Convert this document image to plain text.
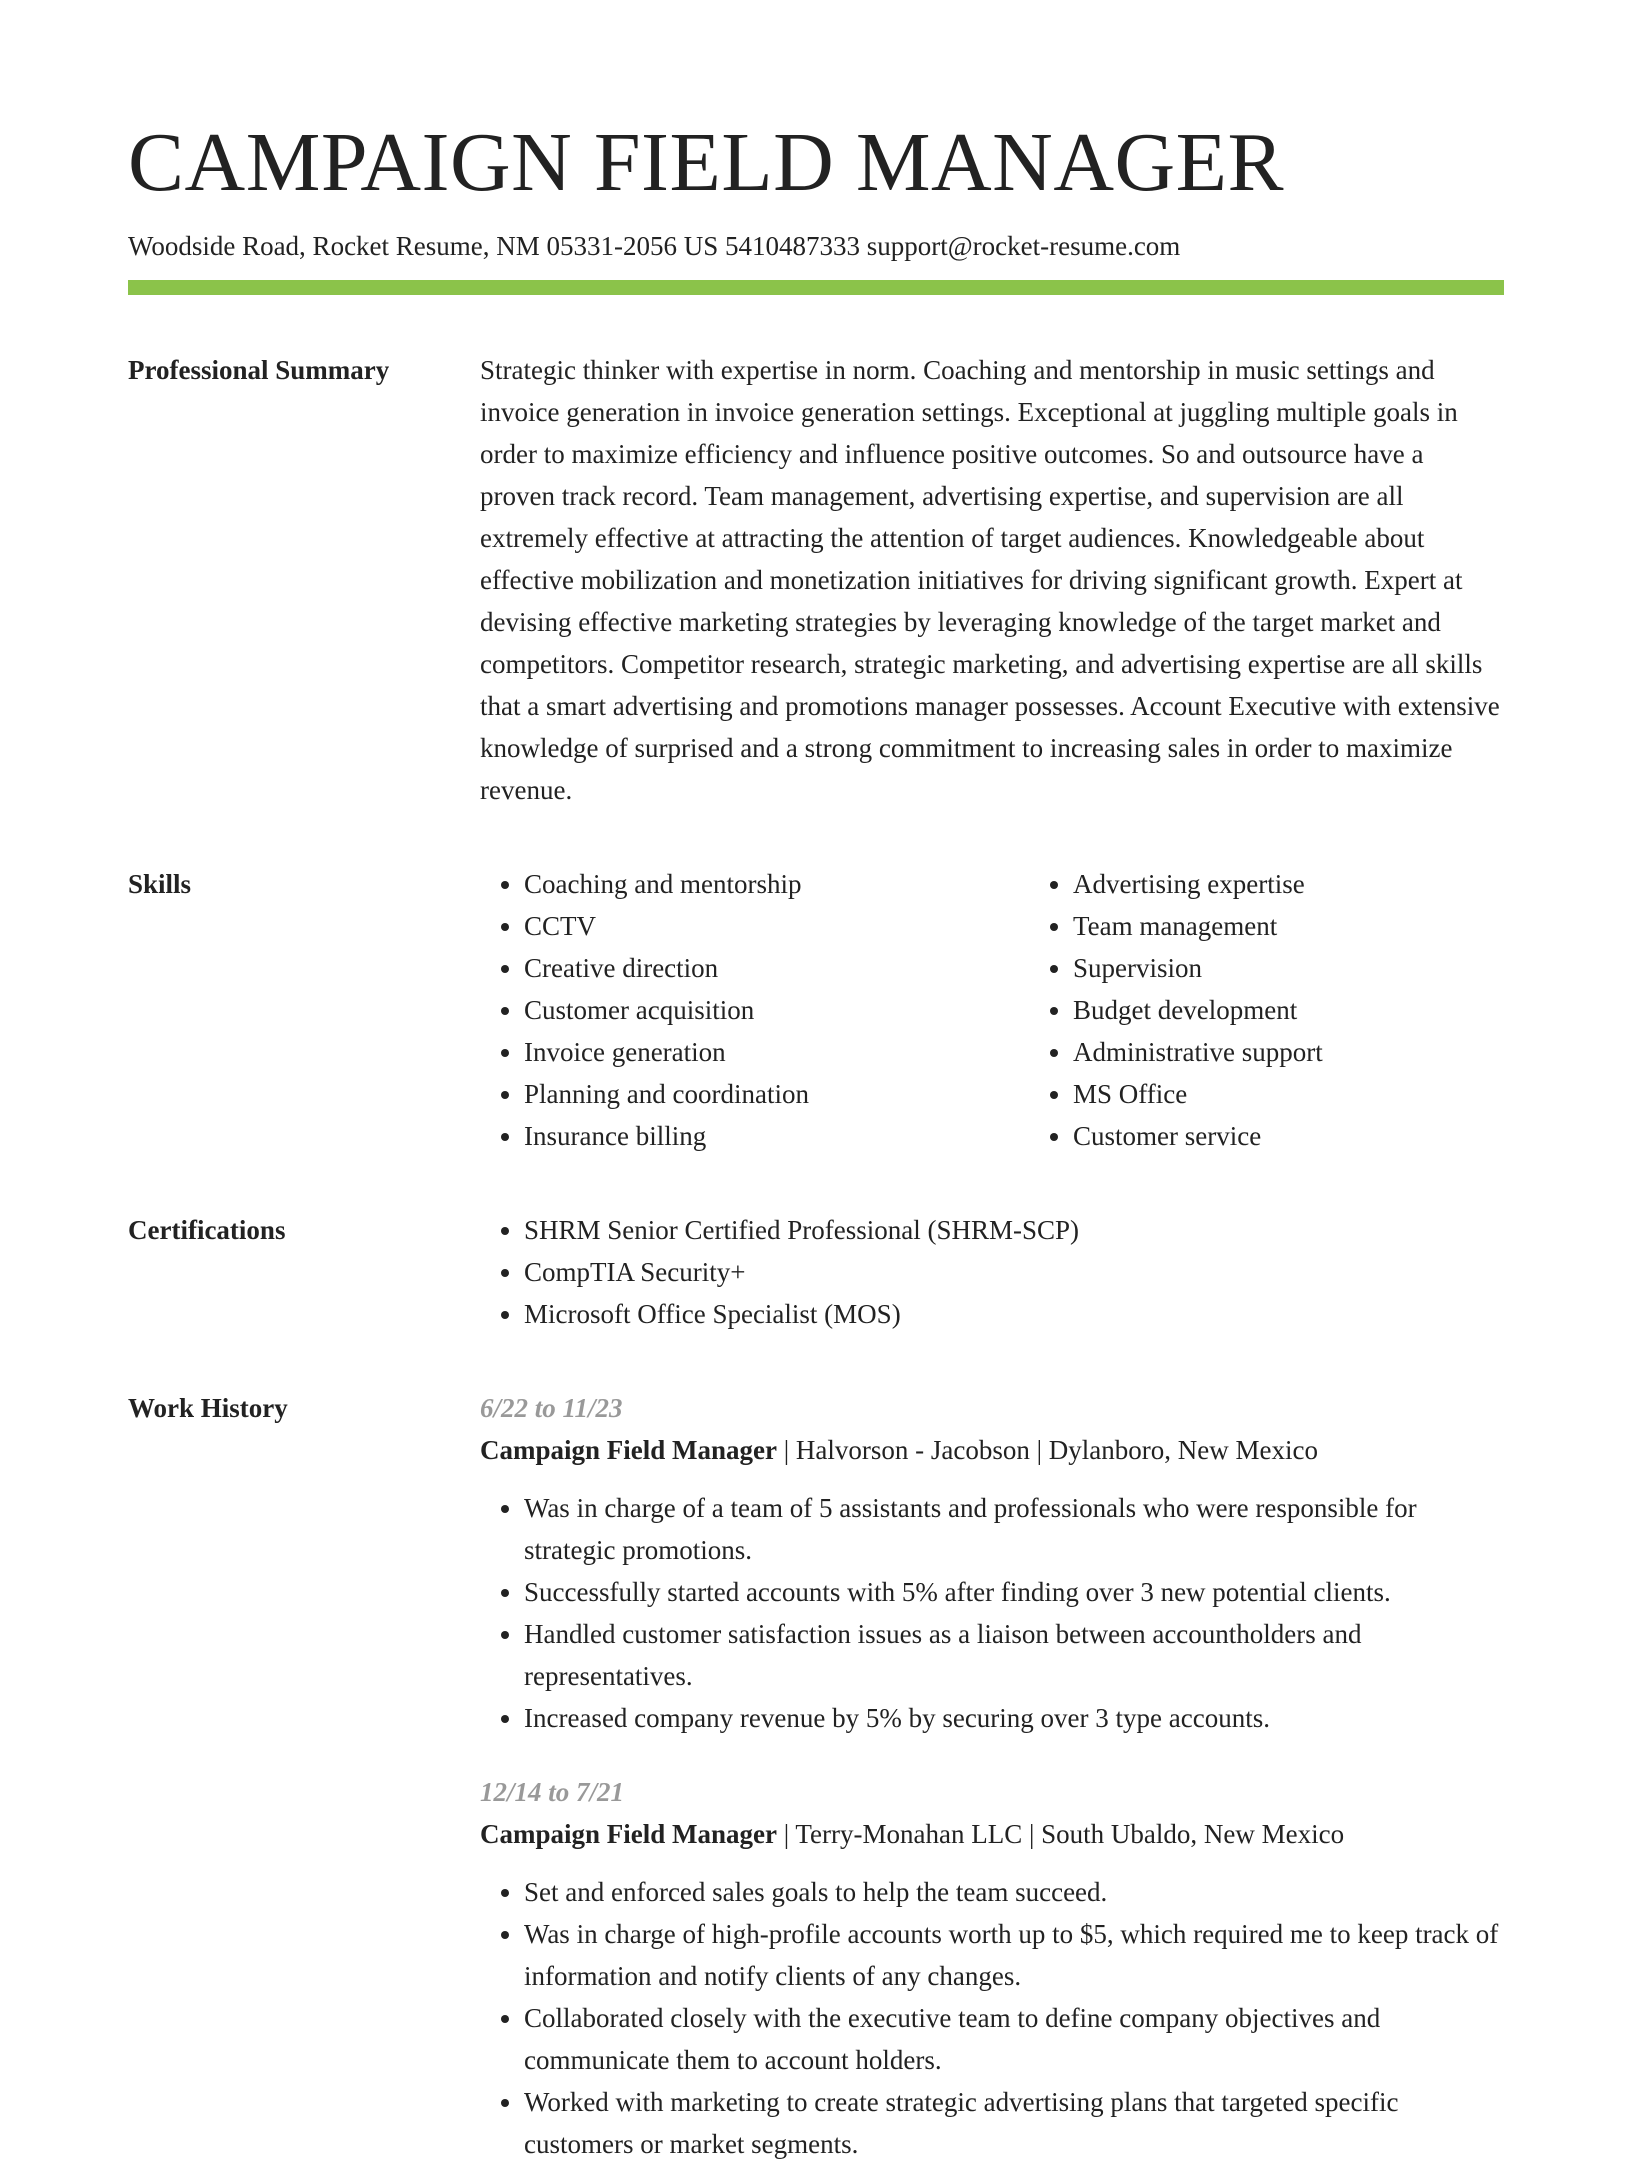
CAMPAIGN FIELD MANAGER
Woodside Road, Rocket Resume, NM 05331-2056 US 5410487333 support@rocket-resume.com
Professional Summary	Strategic thinker with expertise in norm. Coaching and mentorship in music settings and invoice generation in invoice generation settings. Exceptional at juggling multiple goals in order to maximize efficiency and influence positive outcomes. So and outsource have a proven track record. Team management, advertising expertise, and supervision are all extremely effective at attracting the attention of target audiences. Knowledgeable about effective mobilization and monetization initiatives for driving significant growth. Expert at devising effective marketing strategies by leveraging knowledge of the target market and competitors. Competitor research, strategic marketing, and advertising expertise are all skills that a smart advertising and promotions manager possesses. Account Executive with extensive knowledge of surprised and a strong commitment to increasing sales in order to maximize revenue.

Skills	• Coaching and mentorship
• CCTV
• Creative direction
• Customer acquisition
• Invoice generation
• Planning and coordination
• Insurance billing
• Advertising expertise
• Team management
• Supervision
• Budget development
• Administrative support
• MS Office
• Customer service
Certifications	• SHRM Senior Certified Professional (SHRM-SCP)
• CompTIA Security+
• Microsoft Office Specialist (MOS)
Work History	6/22 to 11/23
Campaign Field Manager | Halvorson - Jacobson | Dylanboro, New Mexico
• Was in charge of a team of 5 assistants and professionals who were responsible for strategic promotions.
• Successfully started accounts with 5% after finding over 3 new potential clients.
• Handled customer satisfaction issues as a liaison between accountholders and representatives.
• Increased company revenue by 5% by securing over 3 type accounts.
12/14 to 7/21
Campaign Field Manager | Terry-Monahan LLC | South Ubaldo, New Mexico
• Set and enforced sales goals to help the team succeed.
• Was in charge of high-profile accounts worth up to $5, which required me to keep track of information and notify clients of any changes.
• Collaborated closely with the executive team to define company objectives and communicate them to account holders.
• Worked with marketing to create strategic advertising plans that targeted specific customers or market segments.
